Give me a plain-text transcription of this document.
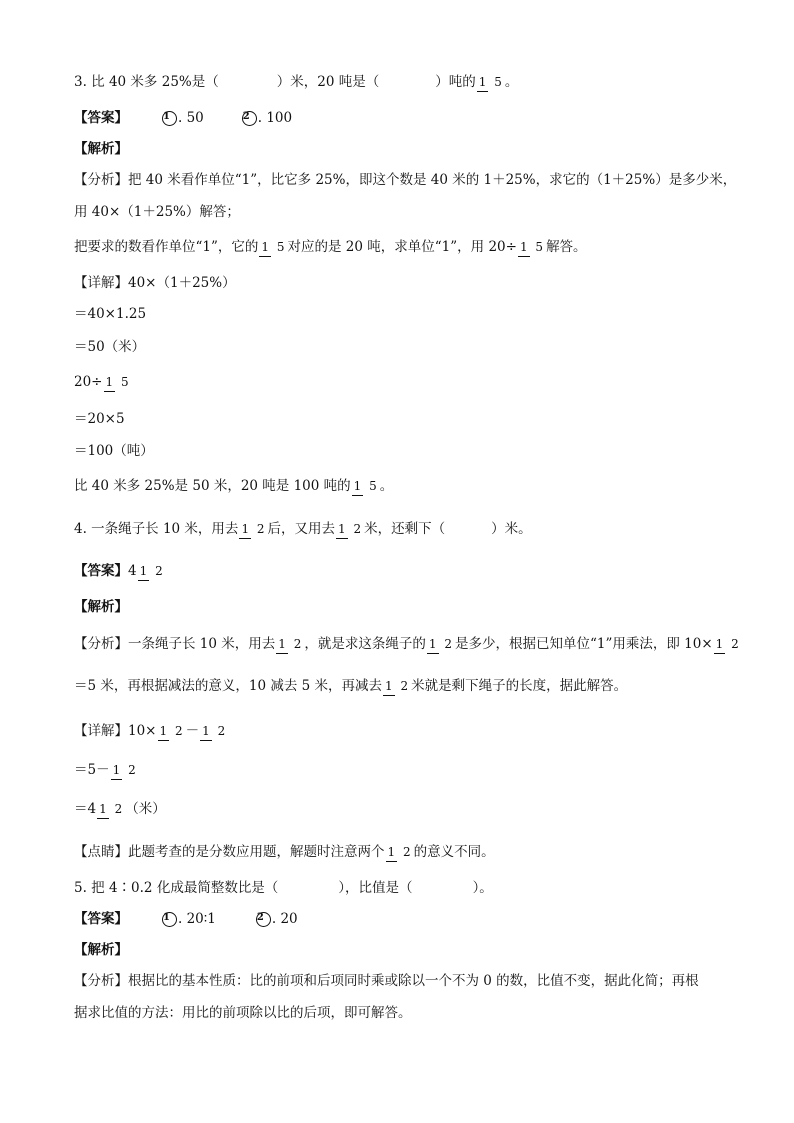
3. 比 40 米多 25%是（	）米，20 吨是（	）吨的 1 5 。
【答案】	1 . 50	2 . 100
【解析】
【分析】把 40 米看作单位“1”，比它多 25%，即这个数是 40 米的 1＋25%，求它的（1＋25%）是多少米，
用 40×（1＋25%）解答；
把要求的数看作单位“1”，它的 1 5 对应的是 20 吨，求单位“1”，用 20÷ 1 5 解答。
【详解】40×（1＋25%）
＝40×1.25
＝50（米）
20÷ 1 5
＝20×5
＝100（吨）
比 40 米多 25%是 50 米，20 吨是 100 吨的 1 5 。
4. 一条绳子长 10 米，用去 1 2 后，又用去 1 2 米，还剩下（	）米。
【答案】 4 1 2
【解析】
【分析】一条绳子长 10 米，用去 1 2 ，就是求这条绳子的 1 2 是多少，根据已知单位“1”用乘法，即 10× 1 2
＝5 米，再根据减法的意义，10 减去 5 米，再减去 1 2 米就是剩下绳子的长度，据此解答。
【详解】10× 1 2 － 1 2
＝5－ 1 2
＝4 1 2 （米）
【点睛】此题考查的是分数应用题，解题时注意两个 1 2 的意义不同。
5. 把 4∶0.2 化成最简整数比是（	），比值是（	）。
【答案】	1 . 20∶1	2 . 20
【解析】
【分析】根据比的基本性质：比的前项和后项同时乘或除以一个不为 0 的数，比值不变，据此化简；再根
据求比值的方法：用比的前项除以比的后项，即可解答。
